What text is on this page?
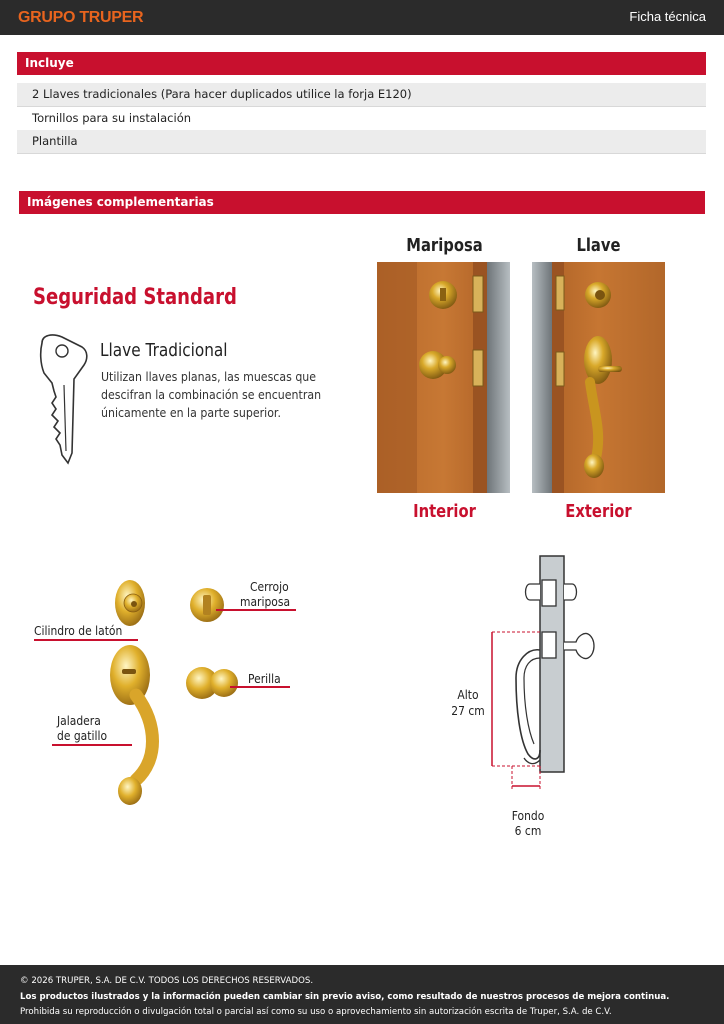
GRUPO TRUPER	Ficha técnica
Incluye
2 Llaves tradicionales (Para hacer duplicados utilice la forja E120)
Tornillos para su instalación
Plantilla
Imágenes complementarias
Seguridad Standard
Llave Tradicional
Utilizan llaves planas, las muescas que descifran la combinación se encuentran únicamente en la parte superior.
Mariposa	Llave
Interior	Exterior
Cerrojo
mariposa
Cilindro de latón
Perilla
Jaladera
de gatillo
Alto
27 cm
Fondo
6 cm
© 2026 TRUPER, S.A. DE C.V. TODOS LOS DERECHOS RESERVADOS.
Los productos ilustrados y la información pueden cambiar sin previo aviso, como resultado de nuestros procesos de mejora continua.
Prohibida su reproducción o divulgación total o parcial así como su uso o aprovechamiento sin autorización escrita de Truper, S.A. de C.V.
